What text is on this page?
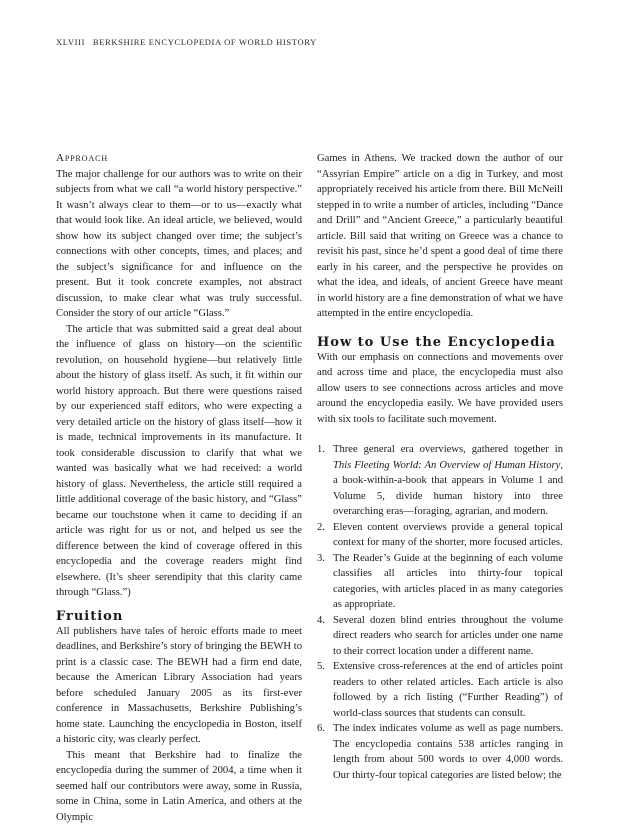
XLVIII BERKSHIRE ENCYCLOPEDIA OF WORLD HISTORY
Approach

The major challenge for our authors was to write on their subjects from what we call “a world history perspective.” It wasn’t always clear to them—or to us—exactly what that would look like. An ideal article, we believed, would show how its subject changed over time; the subject’s connections with other concepts, times, and places; and the subject’s significance for and influence on the present. But it took concrete examples, not abstract discussion, to make clear what was truly successful. Consider the story of our article “Glass.”

The article that was submitted said a great deal about the influence of glass on history—on the scientific revolution, on household hygiene—but relatively little about the history of glass itself. As such, it fit within our world history approach. But there were questions raised by our experienced staff editors, who were expecting a very detailed article on the history of glass itself—how it is made, technical improvements in its manufacture. It took considerable discussion to clarify that what we wanted was basically what we had received: a world history of glass. Nevertheless, the article still required a little additional coverage of the basic history, and “Glass” became our touchstone when it came to deciding if an article was right for us or not, and helped us see the difference between the kind of coverage offered in this encyclopedia and the coverage readers might find elsewhere. (It’s sheer serendipity that this clarity came through “Glass.”)

Fruition

All publishers have tales of heroic efforts made to meet deadlines, and Berkshire’s story of bringing the BEWH to print is a classic case. The BEWH had a firm end date, because the American Library Association had years before scheduled January 2005 as its first-ever conference in Massachusetts, Berkshire Publishing’s home state. Launching the encyclopedia in Boston, itself a historic city, was clearly perfect.

This meant that Berkshire had to finalize the encyclopedia during the summer of 2004, a time when it seemed half our contributors were away, some in Russia, some in China, some in Latin America, and others at the Olympic

Games in Athens. We tracked down the author of our “Assyrian Empire” article on a dig in Turkey, and most appropriately received his article from there. Bill McNeill stepped in to write a number of articles, including “Dance and Drill” and “Ancient Greece,” a particularly beautiful article. Bill said that writing on Greece was a chance to revisit his past, since he’d spent a good deal of time there early in his career, and the perspective he provides on what the idea, and ideals, of ancient Greece have meant in world history are a fine demonstration of what we have attempted in the entire encyclopedia.

How to Use the Encyclopedia

With our emphasis on connections and movements over and across time and place, the encyclopedia must also allow users to see connections across articles and move around the encyclopedia easily. We have provided users with six tools to facilitate such movement.

1. Three general era overviews, gathered together in This Fleeting World: An Overview of Human History, a book-within-a-book that appears in Volume 1 and Volume 5, divide human history into three overarching eras—foraging, agrarian, and modern.
2. Eleven content overviews provide a general topical context for many of the shorter, more focused articles.
3. The Reader’s Guide at the beginning of each volume classifies all articles into thirty-four topical categories, with articles placed in as many categories as appropriate.
4. Several dozen blind entries throughout the volume direct readers who search for articles under one name to their correct location under a different name.
5. Extensive cross-references at the end of articles point readers to other related articles. Each article is also followed by a rich listing (“Further Reading”) of world-class sources that students can consult.
6. The index indicates volume as well as page numbers. The encyclopedia contains 538 articles ranging in length from about 500 words to over 4,000 words. Our thirty-four topical categories are listed below; the
